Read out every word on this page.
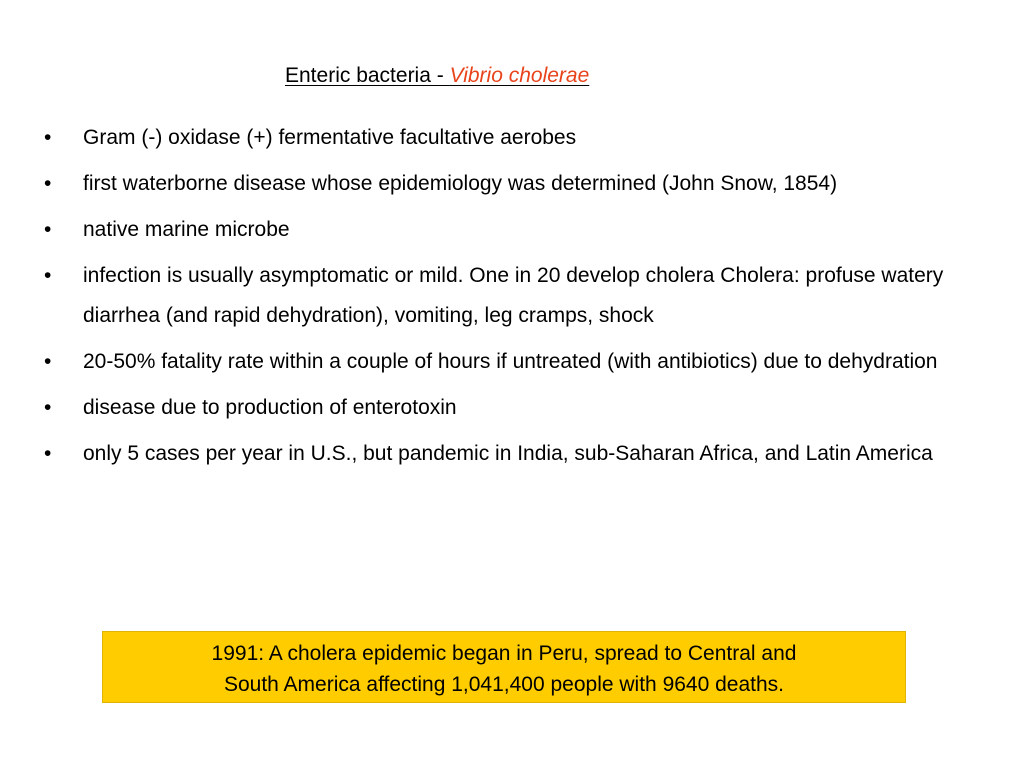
Enteric bacteria - Vibrio cholerae
• Gram (-) oxidase (+) fermentative facultative aerobes
• first waterborne disease whose epidemiology was determined (John Snow, 1854)
• native marine microbe
• infection is usually asymptomatic or mild. One in 20 develop cholera Cholera: profuse watery diarrhea (and rapid dehydration), vomiting, leg cramps, shock
• 20-50% fatality rate within a couple of hours if untreated (with antibiotics) due to dehydration
• disease due to production of enterotoxin
• only 5 cases per year in U.S., but pandemic in India, sub-Saharan Africa, and Latin America
1991: A cholera epidemic began in Peru, spread to Central and
South America affecting 1,041,400 people with 9640 deaths.
